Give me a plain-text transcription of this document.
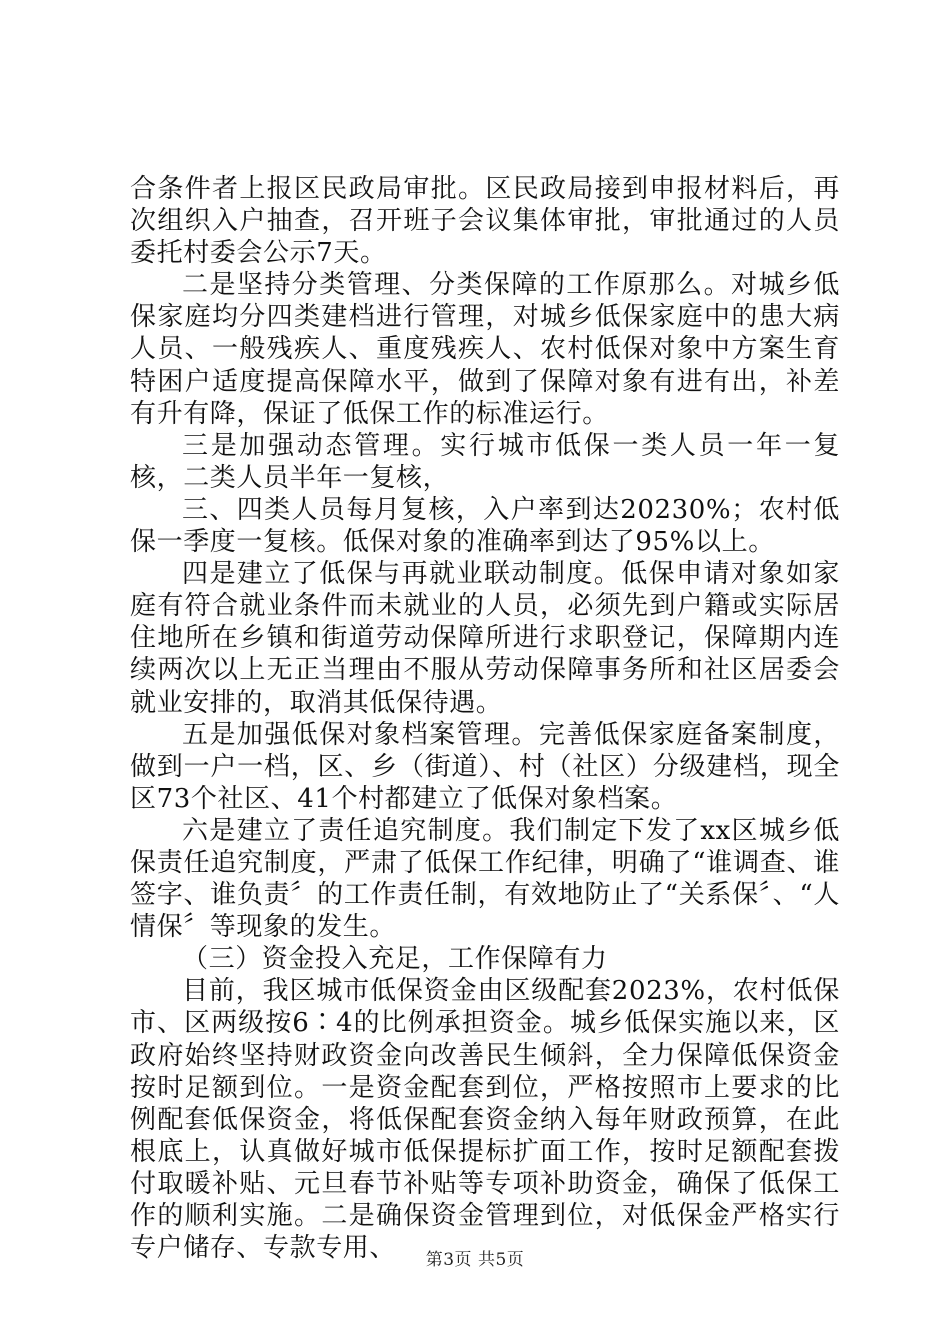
合条件者上报区民政局审批。区民政局接到申报材料后，再次组织入户抽查，召开班子会议集体审批，审批通过的人员委托村委会公示7天。

二是坚持分类管理、分类保障的工作原那么。对城乡低保家庭均分四类建档进行管理，对城乡低保家庭中的患大病人员、一般残疾人、重度残疾人、农村低保对象中方案生育特困户适度提高保障水平，做到了保障对象有进有出，补差有升有降，保证了低保工作的标准运行。

三是加强动态管理。实行城市低保一类人员一年一复核，二类人员半年一复核，

三、四类人员每月复核，入户率到达20230%；农村低保一季度一复核。低保对象的准确率到达了95%以上。

四是建立了低保与再就业联动制度。低保申请对象如家庭有符合就业条件而未就业的人员，必须先到户籍或实际居住地所在乡镇和街道劳动保障所进行求职登记，保障期内连续两次以上无正当理由不服从劳动保障事务所和社区居委会就业安排的，取消其低保待遇。

五是加强低保对象档案管理。完善低保家庭备案制度，做到一户一档，区、乡（街道）、村（社区）分级建档，现全区73个社区、41个村都建立了低保对象档案。

六是建立了责任追究制度。我们制定下发了xx区城乡低保责任追究制度，严肃了低保工作纪律，明确了“谁调查、谁签字、谁负责〞的工作责任制，有效地防止了“关系保〞、“人情保〞等现象的发生。

（三）资金投入充足，工作保障有力

目前，我区城市低保资金由区级配套2023%，农村低保市、区两级按6∶4的比例承担资金。城乡低保实施以来，区政府始终坚持财政资金向改善民生倾斜，全力保障低保资金按时足额到位。一是资金配套到位，严格按照市上要求的比例配套低保资金，将低保配套资金纳入每年财政预算，在此根底上，认真做好城市低保提标扩面工作，按时足额配套拨付取暖补贴、元旦春节补贴等专项补助资金，确保了低保工作的顺利实施。二是确保资金管理到位，对低保金严格实行专户储存、专款专用、	第3页 共5页
